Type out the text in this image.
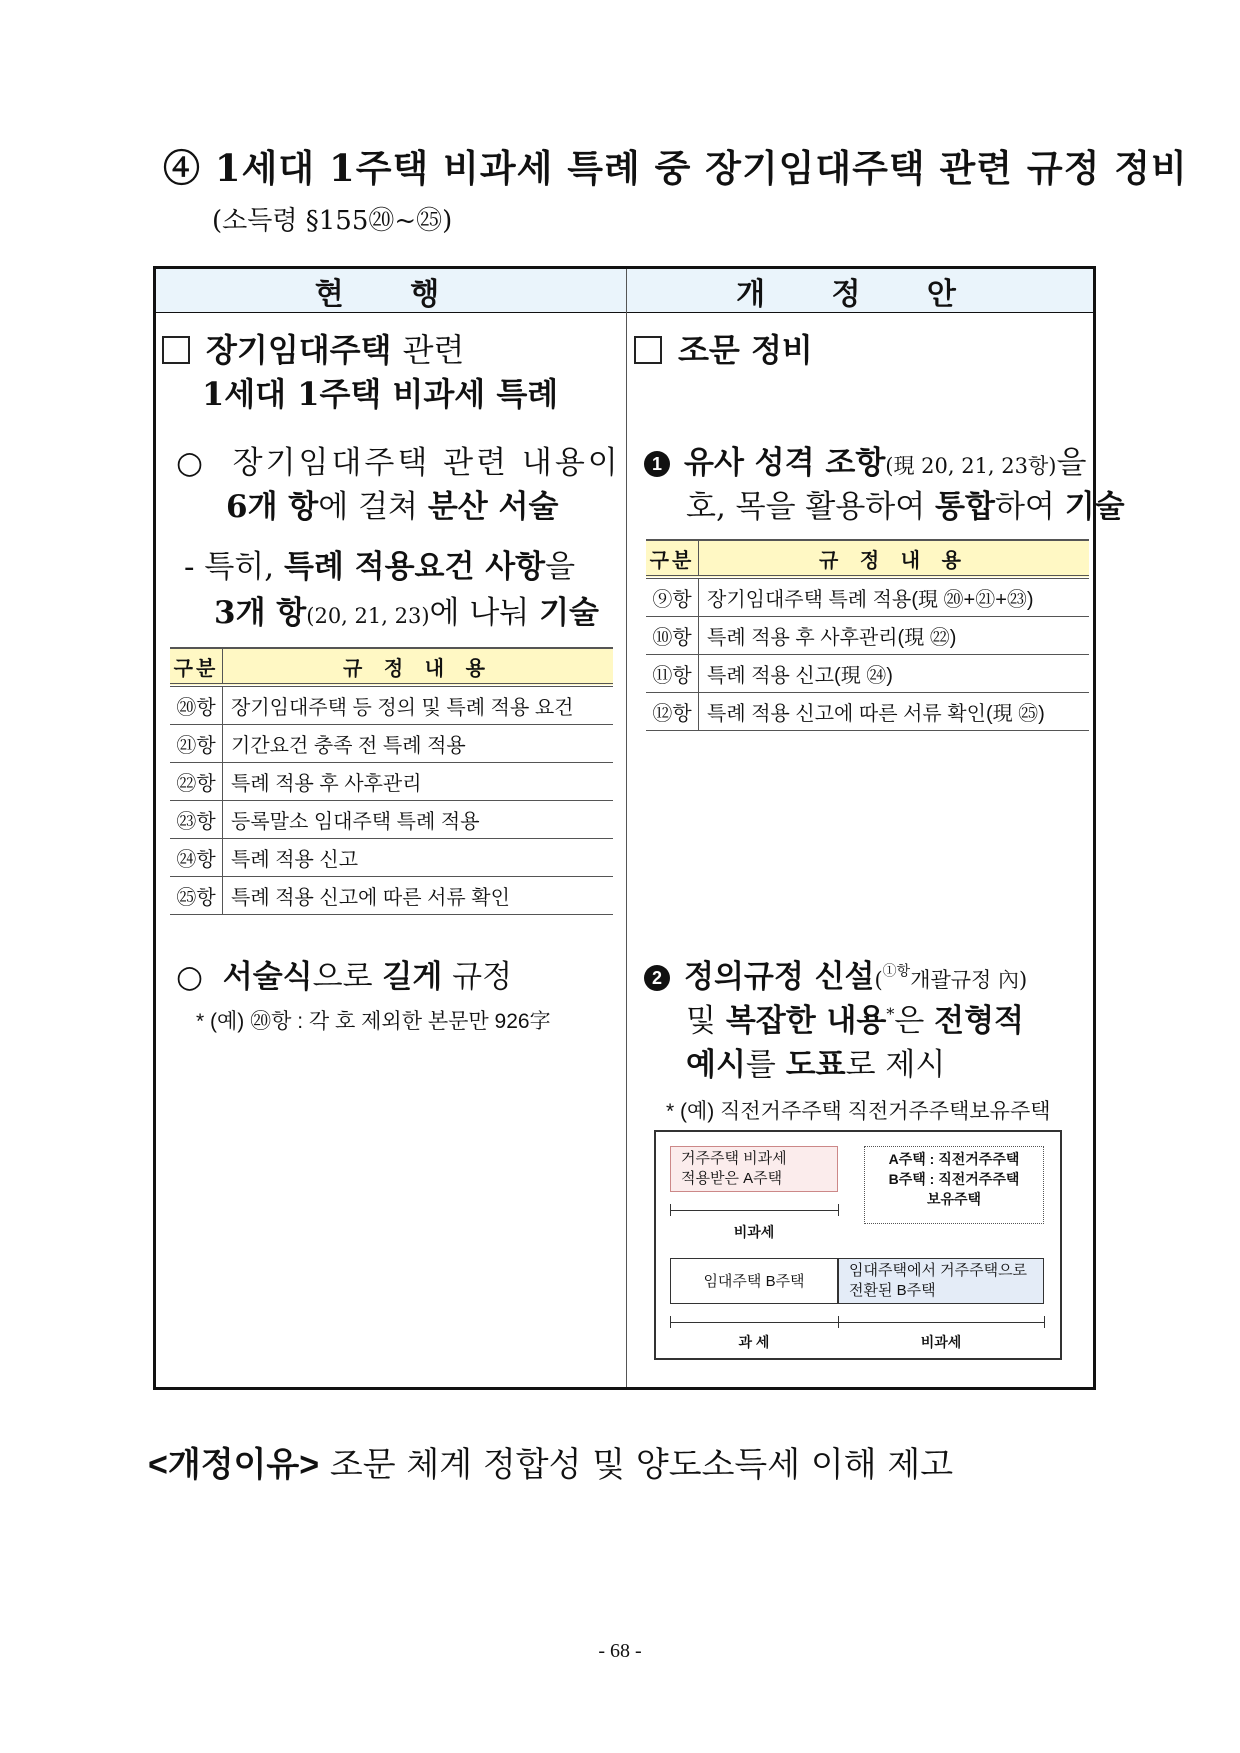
④ 1세대 1주택 비과세 특례 중 장기임대주택 관련 규정 정비
(소득령 §155⑳~㉕)
현 행	개 정 안
장기임대주택 관련
1세대 1주택 비과세 특례
○ 장기임대주택 관련 내용이
6개 항에 걸쳐 분산 서술
- 특히, 특례 적용요건 사항을
3개 항(20, 21, 23)에 나눠 기술
구분	규 정 내 용
⑳항	장기임대주택 등 정의 및 특례 적용 요건
㉑항	기간요건 충족 전 특례 적용
㉒항	특례 적용 후 사후관리
㉓항	등록말소 임대주택 특례 적용
㉔항	특례 적용 신고
㉕항	특례 적용 신고에 따른 서류 확인
○ 서술식으로 길게 규정
* (예) ⑳항 : 각 호 제외한 본문만 926字
조문 정비
1 유사 성격 조항(現 20, 21, 23항)을
호, 목을 활용하여 통합하여 기술
구분	규 정 내 용
⑨항	장기임대주택 특례 적용(現 ⑳+㉑+㉓)
⑩항	특례 적용 후 사후관리(現 ㉒)
⑪항	특례 적용 신고(現 ㉔)
⑫항	특례 적용 신고에 따른 서류 확인(現 ㉕)
2 정의규정 신설($^{①항}$개괄규정 內)
및 복잡한 내용*은 전형적
예시를 도표로 제시
* (예) 직전거주주택 직전거주주택보유주택
거주주택 비과세
적용받은 A주택
A주택 : 직전거주주택
B주택 : 직전거주주택
보유주택
비과세
임대주택 B주택
임대주택에서 거주주택으로
전환된 B주택
과 세	비과세
<개정이유> 조문 체계 정합성 및 양도소득세 이해 제고
- 68 -
